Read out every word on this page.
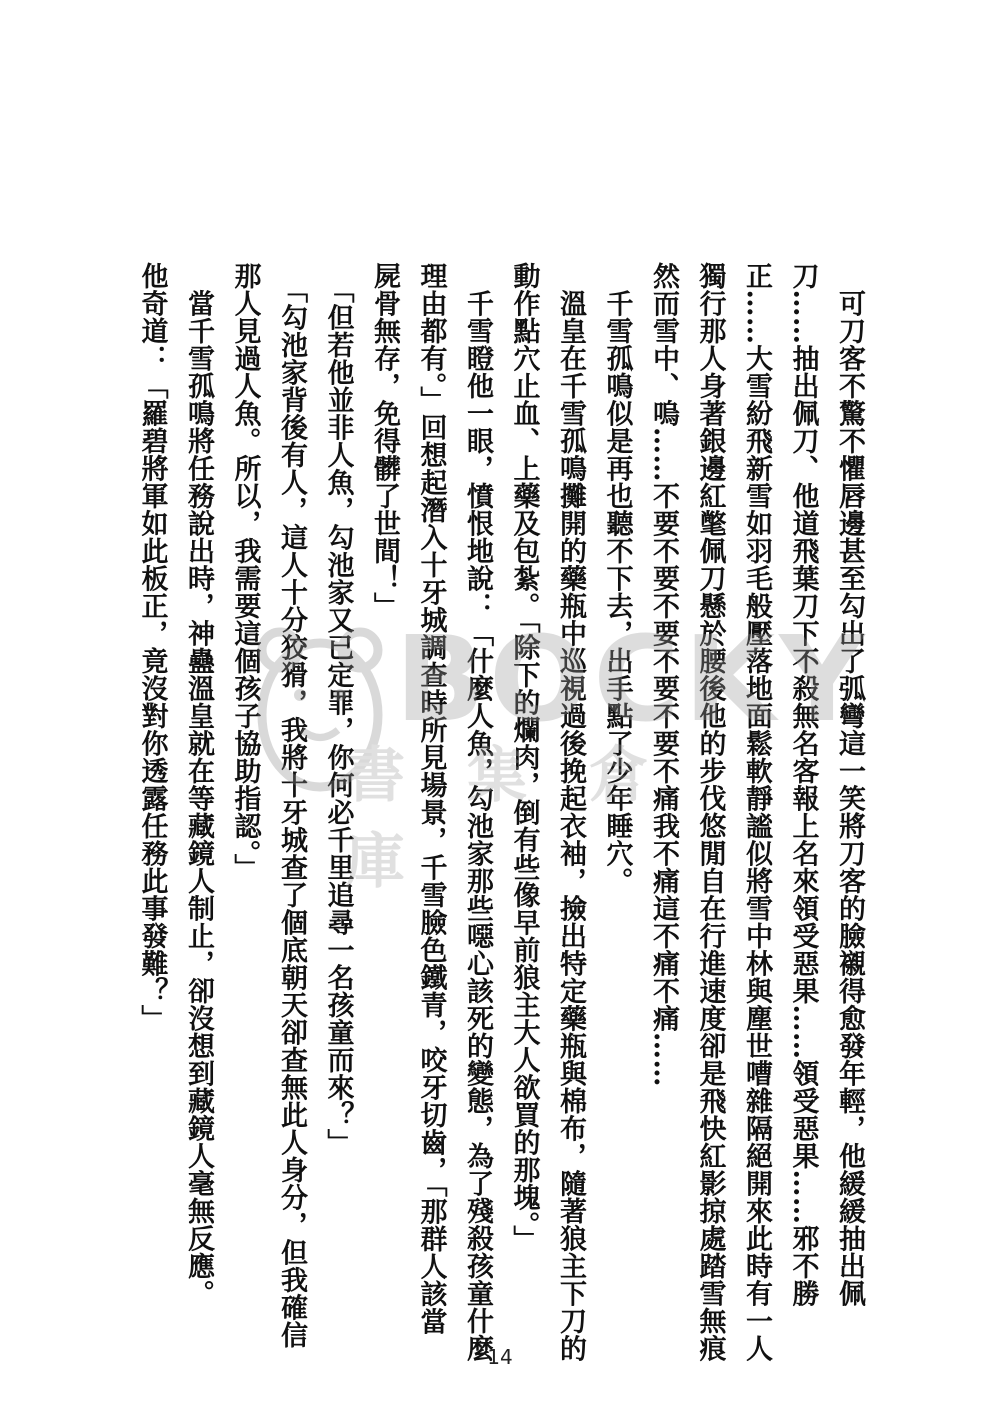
　可刀客不驚不懼唇邊甚至勾出了弧彎這一笑將刀客的臉襯得愈發年輕，他緩緩抽出佩
刀……抽出佩刀、他道飛葉刀下不殺無名客報上名來領受惡果……領受惡果……邪不勝
正……大雪紛飛新雪如羽毛般壓落地面鬆軟靜謐似將雪中林與塵世嘈雜隔絕開來此時有一人
獨行那人身著銀邊紅氅佩刀懸於腰後他的步伐悠閒自在行進速度卻是飛快紅影掠處踏雪無痕
然而雪中、嗚……不要不要不要不要不要不痛我不痛這不痛不痛……
　千雪孤鳴似是再也聽不下去，出手點了少年睡穴。
　溫皇在千雪孤鳴攤開的藥瓶中巡視過後挽起衣袖，撿出特定藥瓶與棉布，隨著狼主下刀的
動作點穴止血、上藥及包紮。「除下的爛肉，倒有些像早前狼主大人欲買的那塊。」
　千雪瞪他一眼，憤恨地說：「什麼人魚，勾池家那些噁心該死的變態，為了殘殺孩童什麼
理由都有。」回想起潛入十牙城調查時所見場景，千雪臉色鐵青，咬牙切齒，「那群人該當
屍骨無存，免得髒了世間！」
　「但若他並非人魚，勾池家又已定罪，你何必千里追尋一名孩童而來？」
　「勾池家背後有人，這人十分狡猾，我將十牙城查了個底朝天卻查無此人身分，但我確信
那人見過人魚。所以，我需要這個孩子協助指認。」
　當千雪孤鳴將任務說出時，神蠱溫皇就在等藏鏡人制止，卻沒想到藏鏡人毫無反應。
他奇道：「羅碧將軍如此板正，竟沒對你透露任務此事發難？」 BOCKY
書集倉庫
14
